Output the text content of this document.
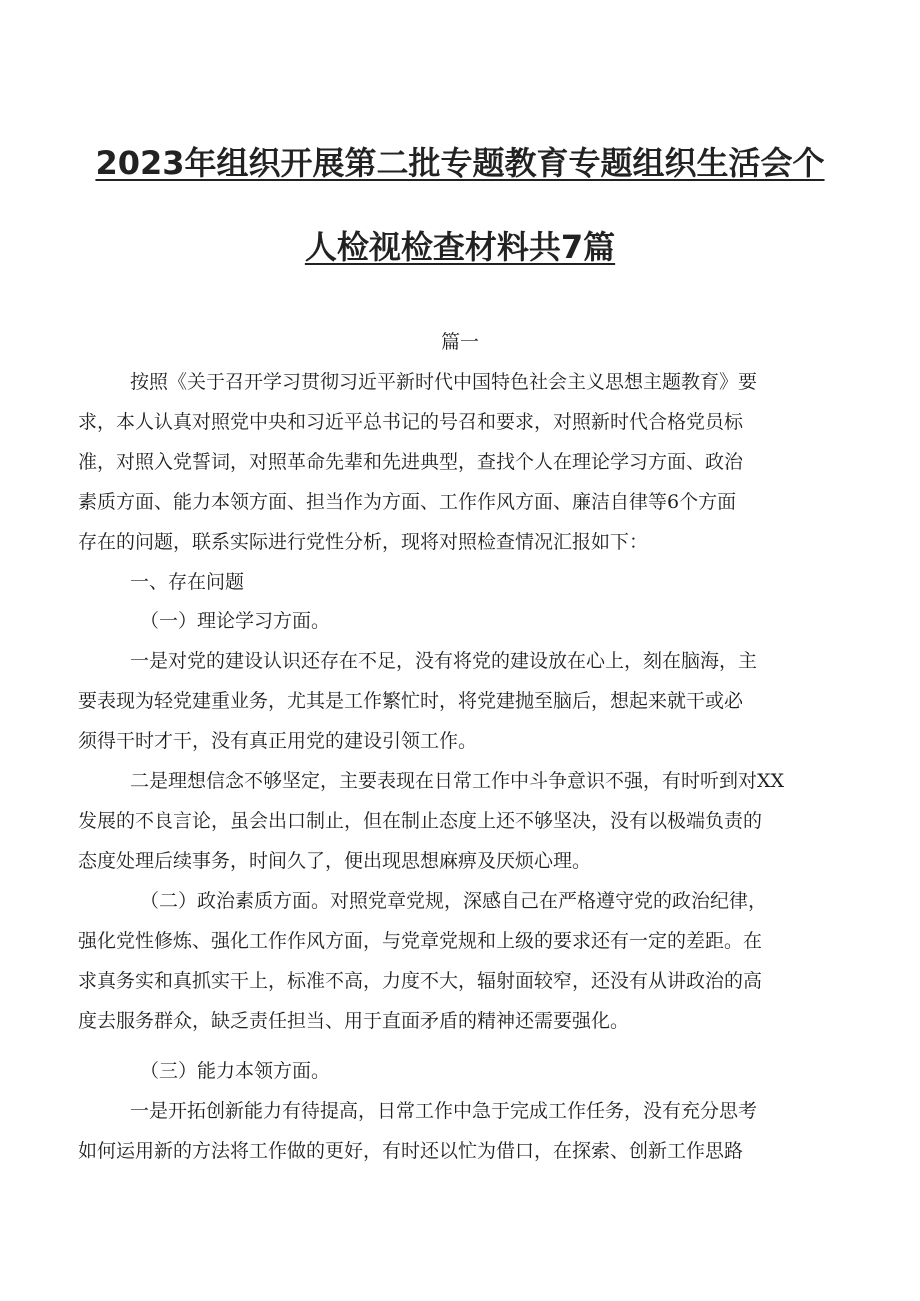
2023年组织开展第二批专题教育专题组织生活会个
人检视检查材料共7篇
篇一
按照《关于召开学习贯彻习近平新时代中国特色社会主义思想主题教育》要
求，本人认真对照党中央和习近平总书记的号召和要求，对照新时代合格党员标
准，对照入党誓词，对照革命先辈和先进典型，查找个人在理论学习方面、政治
素质方面、能力本领方面、担当作为方面、工作作风方面、廉洁自律等6个方面
存在的问题，联系实际进行党性分析，现将对照检查情况汇报如下：
一、存在问题
（一）理论学习方面。
一是对党的建设认识还存在不足，没有将党的建设放在心上，刻在脑海，主
要表现为轻党建重业务，尤其是工作繁忙时，将党建抛至脑后，想起来就干或必
须得干时才干，没有真正用党的建设引领工作。
二是理想信念不够坚定，主要表现在日常工作中斗争意识不强，有时听到对XX
发展的不良言论，虽会出口制止，但在制止态度上还不够坚决，没有以极端负责的
态度处理后续事务，时间久了，便出现思想麻痹及厌烦心理。
（二）政治素质方面。对照党章党规，深感自己在严格遵守党的政治纪律，
强化党性修炼、强化工作作风方面，与党章党规和上级的要求还有一定的差距。在
求真务实和真抓实干上，标准不高，力度不大，辐射面较窄，还没有从讲政治的高
度去服务群众，缺乏责任担当、用于直面矛盾的精神还需要强化。
（三）能力本领方面。
一是开拓创新能力有待提高，日常工作中急于完成工作任务，没有充分思考
如何运用新的方法将工作做的更好，有时还以忙为借口，在探索、创新工作思路
